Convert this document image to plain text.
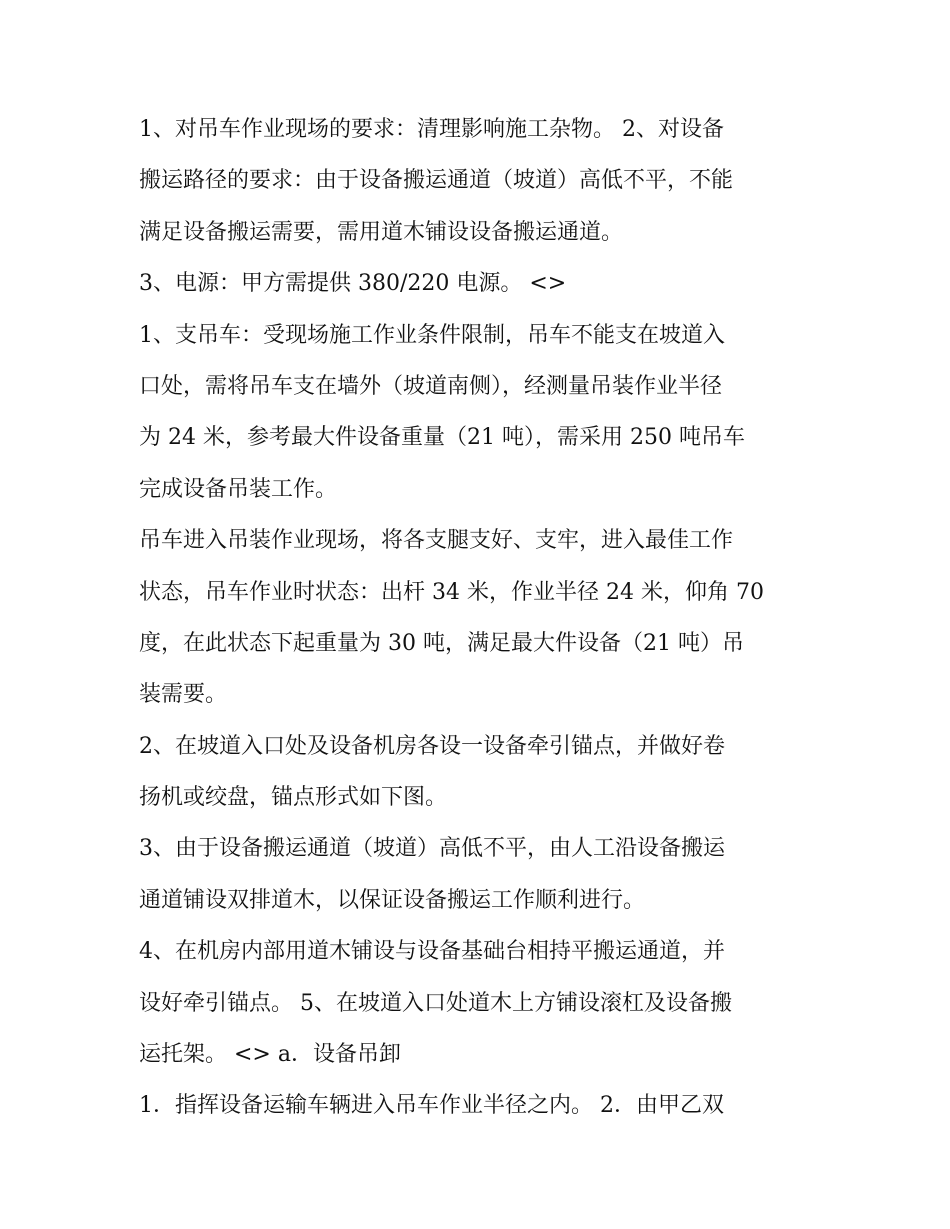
1、对吊车作业现场的要求：清理影响施工杂物。 2、对设备
搬运路径的要求：由于设备搬运通道（坡道）高低不平，不能
满足设备搬运需要，需用道木铺设设备搬运通道。
3、电源：甲方需提供 380/220 电源。 <>
1、支吊车：受现场施工作业条件限制，吊车不能支在坡道入
口处，需将吊车支在墙外（坡道南侧），经测量吊装作业半径
为 24 米，参考最大件设备重量（21 吨），需采用 250 吨吊车
完成设备吊装工作。
吊车进入吊装作业现场，将各支腿支好、支牢，进入最佳工作
状态，吊车作业时状态：出杆 34 米，作业半径 24 米，仰角 70
度，在此状态下起重量为 30 吨，满足最大件设备（21 吨）吊
装需要。
2、在坡道入口处及设备机房各设一设备牵引锚点，并做好卷
扬机或绞盘，锚点形式如下图。
3、由于设备搬运通道（坡道）高低不平，由人工沿设备搬运
通道铺设双排道木，以保证设备搬运工作顺利进行。
4、在机房内部用道木铺设与设备基础台相持平搬运通道，并
设好牵引锚点。 5、在坡道入口处道木上方铺设滚杠及设备搬
运托架。 <> a．设备吊卸
1．指挥设备运输车辆进入吊车作业半径之内。 2．由甲乙双
